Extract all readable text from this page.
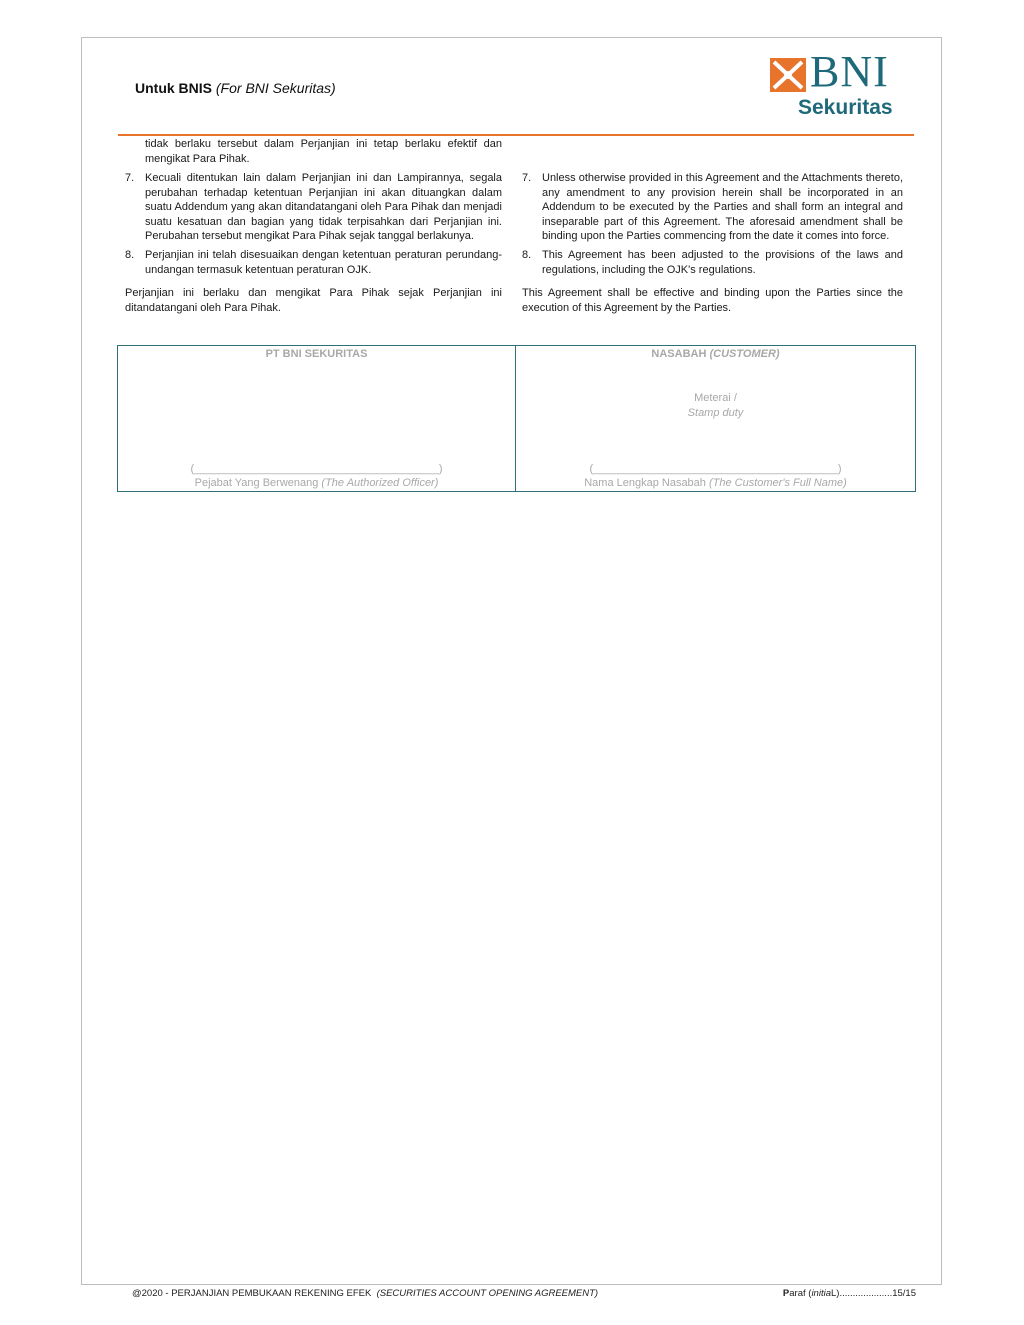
Untuk BNIS (For BNI Sekuritas)	BNI
Sekuritas

tidak berlaku tersebut dalam Perjanjian ini tetap berlaku efektif dan mengikat Para Pihak.

7. Kecuali ditentukan lain dalam Perjanjian ini dan Lampirannya, segala perubahan terhadap ketentuan Perjanjian ini akan dituangkan dalam suatu Addendum yang akan ditandatangani oleh Para Pihak dan menjadi suatu kesatuan dan bagian yang tidak terpisahkan dari Perjanjian ini. Perubahan tersebut mengikat Para Pihak sejak tanggal berlakunya.

8. Perjanjian ini telah disesuaikan dengan ketentuan peraturan perundang-undangan termasuk ketentuan peraturan OJK.

Perjanjian ini berlaku dan mengikat Para Pihak sejak Perjanjian ini ditandatangani oleh Para Pihak.

7. Unless otherwise provided in this Agreement and the Attachments thereto, any amendment to any provision herein shall be incorporated in an Addendum to be executed by the Parties and shall form an integral and inseparable part of this Agreement. The aforesaid amendment shall be binding upon the Parties commencing from the date it comes into force.

8. This Agreement has been adjusted to the provisions of the laws and regulations, including the OJK's regulations.

This Agreement shall be effective and binding upon the Parties since the execution of this Agreement by the Parties.

PT BNI SEKURITAS
(________________________________________)
Pejabat Yang Berwenang (The Authorized Officer)
NASABAH (CUSTOMER)
Meterai /
Stamp duty
(________________________________________)
Nama Lengkap Nasabah (The Customer's Full Name)
@2020 - PERJANJIAN PEMBUKAAN REKENING EFEK (SECURITIES ACCOUNT OPENING AGREEMENT)	Paraf (initiaL)....................15/15
